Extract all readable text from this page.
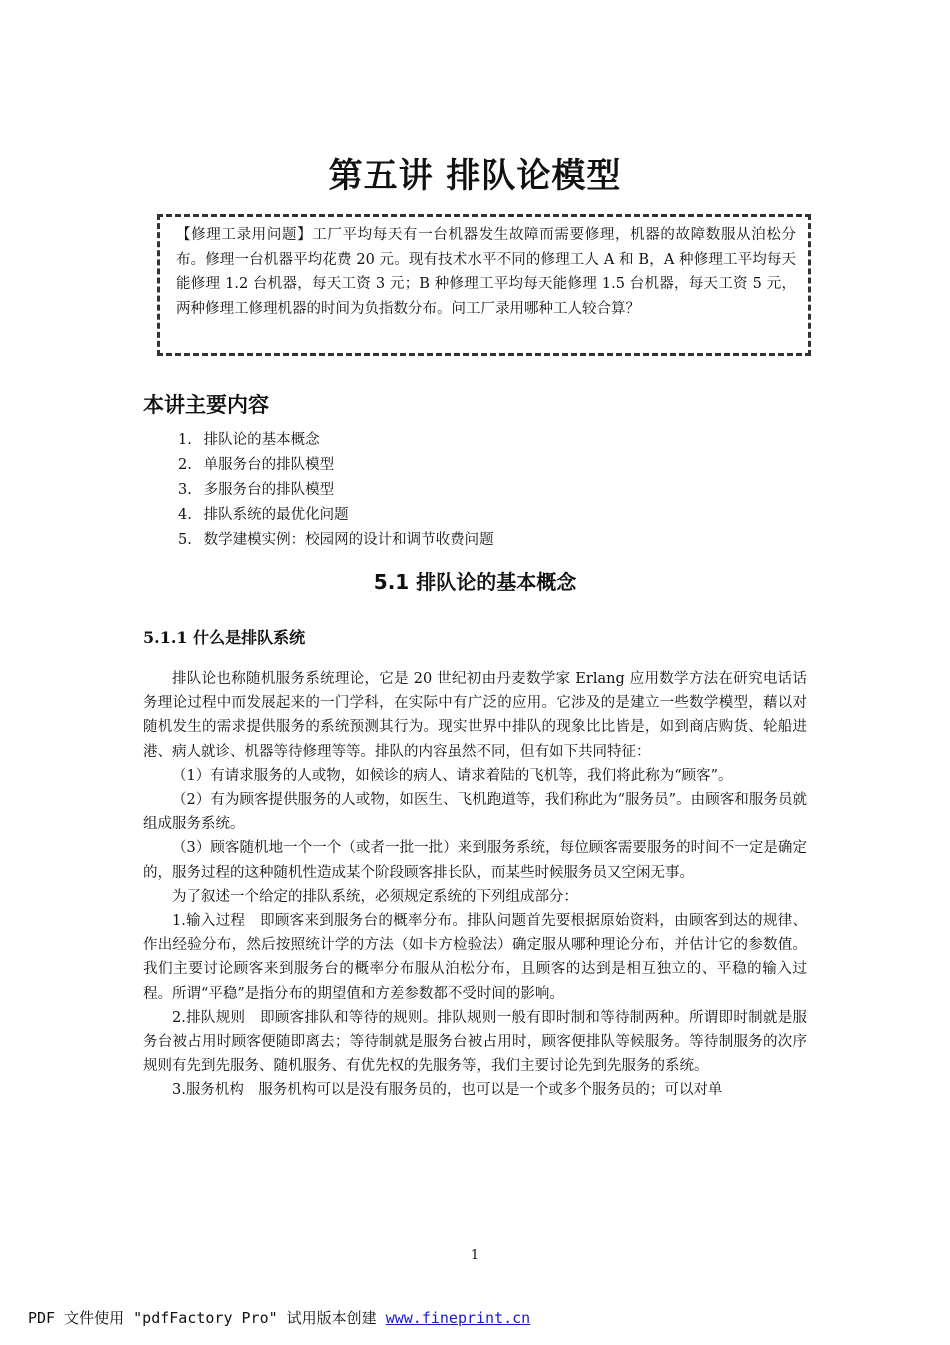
第五讲 排队论模型
【修理工录用问题】工厂平均每天有一台机器发生故障而需要修理，机器的故障数服从泊松分布。修理一台机器平均花费 20 元。现有技术水平不同的修理工人 A 和 B，A 种修理工平均每天能修理 1.2 台机器，每天工资 3 元；B 种修理工平均每天能修理 1.5 台机器，每天工资 5 元，两种修理工修理机器的时间为负指数分布。问工厂录用哪种工人较合算？
本讲主要内容
1. 排队论的基本概念
2. 单服务台的排队模型
3. 多服务台的排队模型
4. 排队系统的最优化问题
5. 数学建模实例：校园网的设计和调节收费问题
5.1 排队论的基本概念
5.1.1 什么是排队系统

排队论也称随机服务系统理论，它是 20 世纪初由丹麦数学家 Erlang 应用数学方法在研究电话话务理论过程中而发展起来的一门学科，在实际中有广泛的应用。它涉及的是建立一些数学模型，藉以对随机发生的需求提供服务的系统预测其行为。现实世界中排队的现象比比皆是，如到商店购货、轮船进港、病人就诊、机器等待修理等等。排队的内容虽然不同，但有如下共同特征：

（1）有请求服务的人或物，如候诊的病人、请求着陆的飞机等，我们将此称为“顾客”。

（2）有为顾客提供服务的人或物，如医生、飞机跑道等，我们称此为“服务员”。由顾客和服务员就组成服务系统。

（3）顾客随机地一个一个（或者一批一批）来到服务系统，每位顾客需要服务的时间不一定是确定的，服务过程的这种随机性造成某个阶段顾客排长队，而某些时候服务员又空闲无事。

为了叙述一个给定的排队系统，必须规定系统的下列组成部分：

1.输入过程　即顾客来到服务台的概率分布。排队问题首先要根据原始资料，由顾客到达的规律、作出经验分布，然后按照统计学的方法（如卡方检验法）确定服从哪种理论分布，并估计它的参数值。我们主要讨论顾客来到服务台的概率分布服从泊松分布，且顾客的达到是相互独立的、平稳的输入过程。所谓“平稳”是指分布的期望值和方差参数都不受时间的影响。

2.排队规则　即顾客排队和等待的规则。排队规则一般有即时制和等待制两种。所谓即时制就是服务台被占用时顾客便随即离去；等待制就是服务台被占用时，顾客便排队等候服务。等待制服务的次序规则有先到先服务、随机服务、有优先权的先服务等，我们主要讨论先到先服务的系统。

3.服务机构　服务机构可以是没有服务员的，也可以是一个或多个服务员的；可以对单

1
PDF 文件使用 "pdfFactory Pro" 试用版本创建 www.fineprint.cn
